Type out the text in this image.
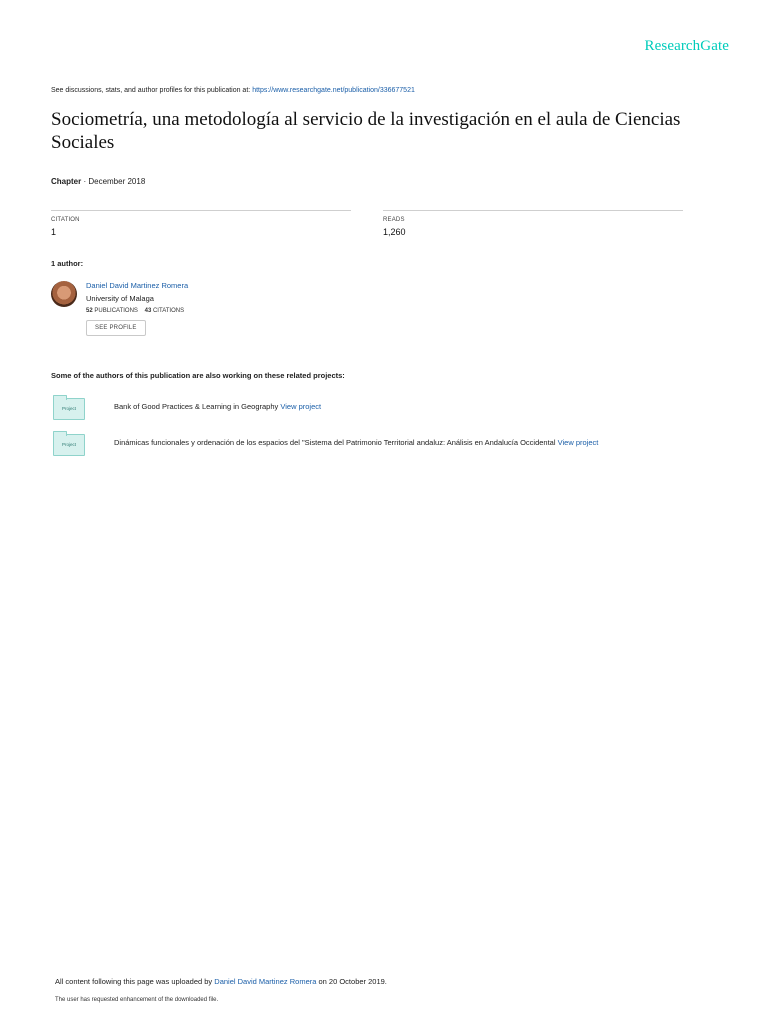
ResearchGate
See discussions, stats, and author profiles for this publication at: https://www.researchgate.net/publication/336677521
Sociometría, una metodología al servicio de la investigación en el aula de Ciencias Sociales
Chapter · December 2018
CITATION
1
READS
1,260
1 author:
Daniel David Martinez Romera
University of Malaga
52 PUBLICATIONS 43 CITATIONS
SEE PROFILE
Some of the authors of this publication are also working on these related projects:
Project	Bank of Good Practices & Learning in Geography View project
Project	Dinámicas funcionales y ordenación de los espacios del "Sistema del Patrimonio Territorial andaluz: Análisis en Andalucía Occidental View project
All content following this page was uploaded by Daniel David Martinez Romera on 20 October 2019.
The user has requested enhancement of the downloaded file.
